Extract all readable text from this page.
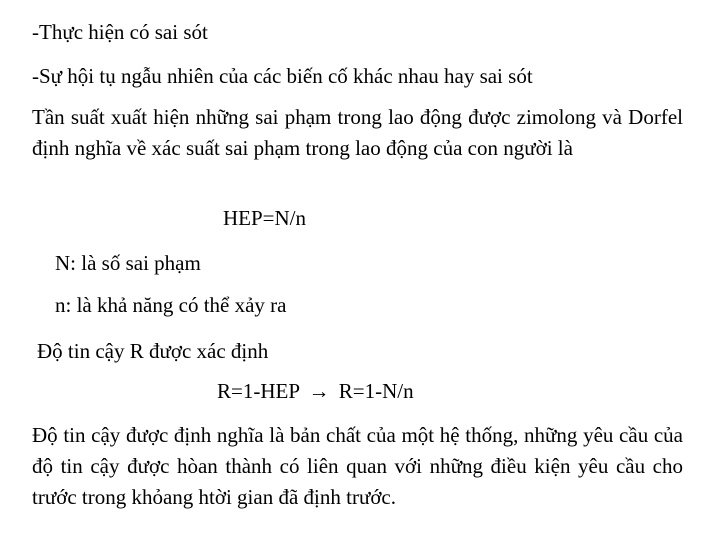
-Thực hiện có sai sót
-Sự hội tụ ngẫu nhiên của các biến cố khác nhau hay sai sót
Tần suất xuất hiện những sai phạm trong lao động được zimolong và Dorfel định nghĩa về xác suất sai phạm trong lao động của con người là
HEP=N/n
N: là số sai phạm
n: là khả năng có thể xảy ra
Độ tin cậy R được xác định
R=1-HEP → R=1-N/n
Độ tin cậy được định nghĩa là bản chất của một hệ thống, những yêu cầu của độ tin cậy được hòan thành có liên quan với những điều kiện yêu cầu cho trước trong khỏang htời gian đã định trước.
